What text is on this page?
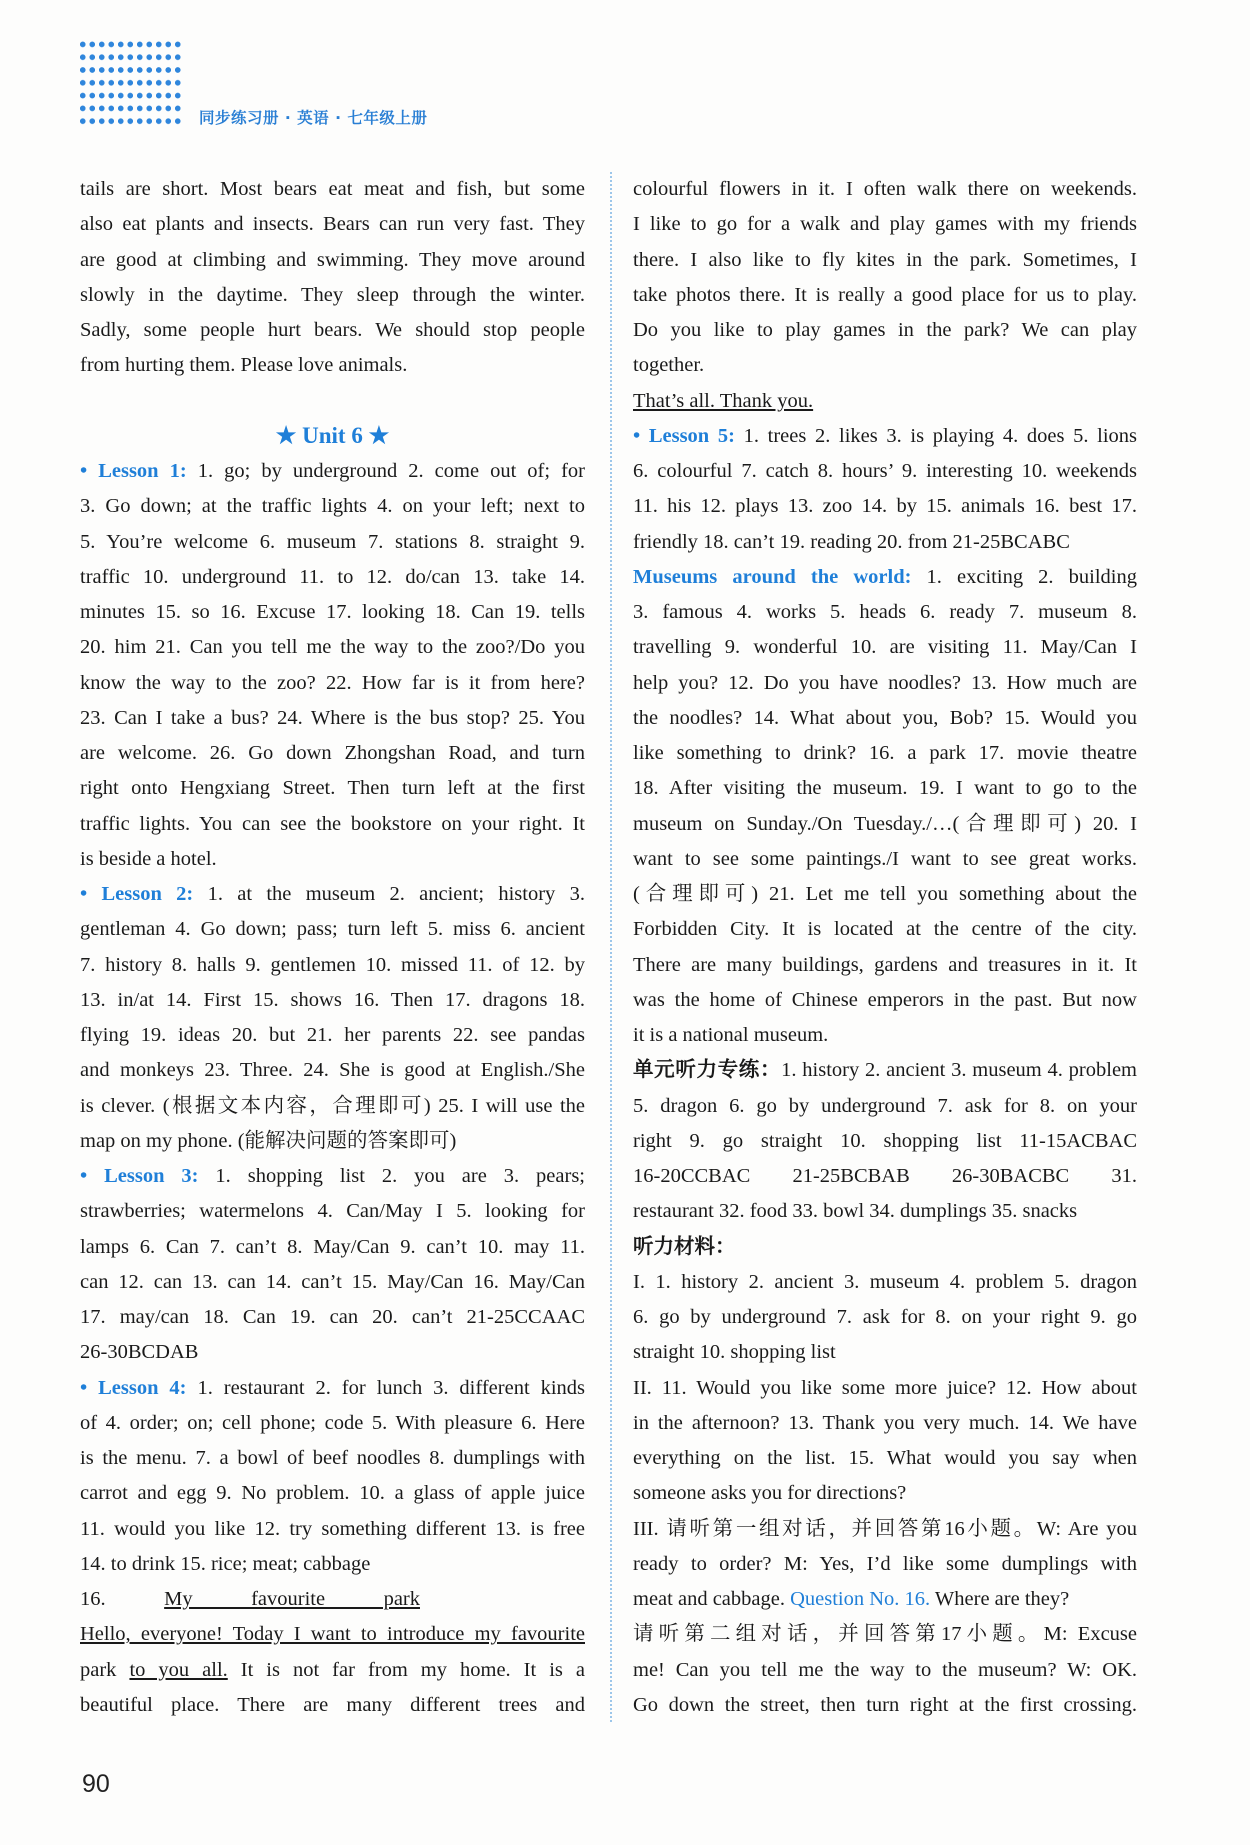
同步练习册 · 英语 · 七年级上册
tails are short. Most bears eat meat and fish, but some
also eat plants and insects. Bears can run very fast. They
are good at climbing and swimming. They move around
slowly in the daytime. They sleep through the winter.
Sadly, some people hurt bears. We should stop people
from hurting them. Please love animals.
★ Unit 6 ★
• Lesson 1: 1. go; by underground 2. come out of; for
3. Go down; at the traffic lights 4. on your left; next to
5. You’re welcome 6. museum 7. stations 8. straight 9.
traffic 10. underground 11. to 12. do/can 13. take 14.
minutes 15. so 16. Excuse 17. looking 18. Can 19. tells
20. him 21. Can you tell me the way to the zoo?/Do you
know the way to the zoo? 22. How far is it from here?
23. Can I take a bus? 24. Where is the bus stop? 25. You
are welcome. 26. Go down Zhongshan Road, and turn
right onto Hengxiang Street. Then turn left at the first
traffic lights. You can see the bookstore on your right. It
is beside a hotel.
• Lesson 2: 1. at the museum 2. ancient; history 3.
gentleman 4. Go down; pass; turn left 5. miss 6. ancient
7. history 8. halls 9. gentlemen 10. missed 11. of 12. by
13. in/at 14. First 15. shows 16. Then 17. dragons 18.
flying 19. ideas 20. but 21. her parents 22. see pandas
and monkeys 23. Three. 24. She is good at English./She
is clever. (根据文本内容，合理即可) 25. I will use the
map on my phone. (能解决问题的答案即可)
• Lesson 3: 1. shopping list 2. you are 3. pears;
strawberries; watermelons 4. Can/May I 5. looking for
lamps 6. Can 7. can’t 8. May/Can 9. can’t 10. may 11.
can 12. can 13. can 14. can’t 15. May/Can 16. May/Can
17. may/can 18. Can 19. can 20. can’t 21-25CCAAC
26-30BCDAB
• Lesson 4: 1. restaurant 2. for lunch 3. different kinds
of 4. order; on; cell phone; code 5. With pleasure 6. Here
is the menu. 7. a bowl of beef noodles 8. dumplings with
carrot and egg 9. No problem. 10. a glass of apple juice
11. would you like 12. try something different 13. is free
14. to drink 15. rice; meat; cabbage
16. My favourite park
Hello, everyone! Today I want to introduce my favourite
park to you all. It is not far from my home. It is a
beautiful place. There are many different trees and
colourful flowers in it. I often walk there on weekends.
I like to go for a walk and play games with my friends
there. I also like to fly kites in the park. Sometimes, I
take photos there. It is really a good place for us to play.
Do you like to play games in the park? We can play
together.
That’s all. Thank you.
• Lesson 5: 1. trees 2. likes 3. is playing 4. does 5. lions
6. colourful 7. catch 8. hours’ 9. interesting 10. weekends
11. his 12. plays 13. zoo 14. by 15. animals 16. best 17.
friendly 18. can’t 19. reading 20. from 21-25BCABC
Museums around the world: 1. exciting 2. building
3. famous 4. works 5. heads 6. ready 7. museum 8.
travelling 9. wonderful 10. are visiting 11. May/Can I
help you? 12. Do you have noodles? 13. How much are
the noodles? 14. What about you, Bob? 15. Would you
like something to drink? 16. a park 17. movie theatre
18. After visiting the museum. 19. I want to go to the
museum on Sunday./On Tuesday./…(合理即可) 20. I
want to see some paintings./I want to see great works.
(合理即可) 21. Let me tell you something about the
Forbidden City. It is located at the centre of the city.
There are many buildings, gardens and treasures in it. It
was the home of Chinese emperors in the past. But now
it is a national museum.
单元听力专练：1. history 2. ancient 3. museum 4. problem
5. dragon 6. go by underground 7. ask for 8. on your
right 9. go straight 10. shopping list 11-15ACBAC
16-20CCBAC 21-25BCBAB 26-30BACBC 31.
restaurant 32. food 33. bowl 34. dumplings 35. snacks
听力材料：
I. 1. history 2. ancient 3. museum 4. problem 5. dragon
6. go by underground 7. ask for 8. on your right 9. go
straight 10. shopping list
II. 11. Would you like some more juice? 12. How about
in the afternoon? 13. Thank you very much. 14. We have
everything on the list. 15. What would you say when
someone asks you for directions?
III. 请听第一组对话，并回答第16小题。W: Are you
ready to order? M: Yes, I’d like some dumplings with
meat and cabbage. Question No. 16. Where are they?
请听第二组对话，并回答第17小题。M: Excuse
me! Can you tell me the way to the museum? W: OK.
Go down the street, then turn right at the first crossing.
90
